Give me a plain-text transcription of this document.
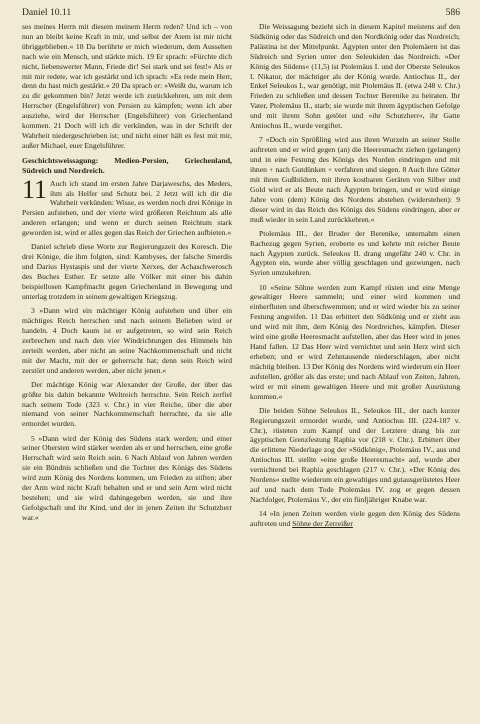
Daniel 10.11	586

ses meines Herrn mit diesem meinem Herrn reden? Und ich – von nun an bleibt keine Kraft in mir, und selbst der Atem ist mir nicht übriggeblieben.« 18 Da berührte er mich wiederum, dem Aussehen nach wie ein Mensch, und stärkte mich. 19 Er sprach: »Fürchte dich nicht, liebenswerter Mann, Friede dir! Sei stark und sei fest!« Als er mit mir redete, war ich gestärkt und ich sprach: »Es rede mein Herr, denn du hast mich gestärkt.« 20 Da sprach er: »Weißt du, warum ich zu dir gekommen bin? Jetzt werde ich zurückkehren, um mit dem Herrscher (Engelsführer) von Persien zu kämpfen; wenn ich aber ausziehe, wird der Herrscher (Engelsführer) von Griechenland kommen. 21 Doch will ich dir verkünden, was in der Schrift der Wahrheit niedergeschrieben ist; und nicht einer hält es fest mit mir, außer Michael, euer Engelsführer.

Geschichtsweissagung: Medien-Persien, Griechenland, Südreich und Nordreich.

11 Auch ich stand im ersten Jahre Darjaweschs, des Meders, ihm als Helfer und Schutz bei. 2 Jetzt will ich dir die Wahrheit verkünden: Wisse, es werden noch drei Könige in Persien aufstehen, und der vierte wird größeren Reichtum als alle anderen erlangen; und wenn er durch seinen Reichtum stark geworden ist, wird er alles gegen das Reich der Griechen aufbieten.«

Daniel schrieb diese Worte zur Regierungszeit des Koresch. Die drei Könige, die ihm folgten, sind: Kambyses, der falsche Smerdis und Darius Hystaspis und der vierte Xerxes, der Achaschwerosch des Buches Esther. Er setzte alle Völker mit einer bis dahin beispiellosen Kampfmacht gegen Griechenland in Bewegung und unterlag trotzdem in seinem gewaltigen Kriegszug.

3 »Dann wird ein mächtiger König aufstehen und über ein mächtiges Reich herrschen und nach seinem Belieben wird er handeln. 4 Doch kaum ist er aufgetreten, so wird sein Reich zerbrechen und nach den vier Windrichtungen des Himmels hin zerteilt werden, aber nicht an seine Nachkommenschaft und nicht mit der Macht, mit der er geherrscht hat; denn sein Reich wird zerstört und anderen werden, aber nicht jenen.«

Der mächtige König war Alexander der Große, der über das größte bis dahin bekannte Weltreich herrschte. Sein Reich zerfiel nach seinem Tode (323 v. Chr.) in vier Reiche, über die aber niemand von seiner Nachkommenschaft herrschte, da sie alle ermordet wurden.

5 »Dann wird der König des Südens stark werden; und einer seiner Obersten wird stärker werden als er und herrschen, eine große Herrschaft wird sein Reich sein. 6 Nach Ablauf von Jahren werden sie ein Bündnis schließen und die Tochter des Königs des Südens wird zum König des Nordens kommen, um Frieden zu stiften; aber der Arm wird nicht Kraft behalten und er und sein Arm wird nicht bestehen; und sie wird dahingegeben werden, sie und ihre Gefolgschaft und ihr Kind, und der in jenen Zeiten ihr Schutzherr war.«

Die Weissagung bezieht sich in diesem Kapitel meistens auf den Südkönig oder das Südreich und den Nordkönig oder das Nordreich; Palästina ist der Mittelpunkt. Ägypten unter den Ptolemäern ist das Südreich und Syrien unter den Seleukiden das Nordreich. »Der König des Südens« (11,5) ist Ptolemäus I. und der Oberste Seleukos I. Nikator, der mächtiger als der König wurde. Antiochus II., der Enkel Seleukos I., war genötigt, mit Ptolemäus II. (etwa 248 v. Chr.) Frieden zu schließen und dessen Tochter Berenike zu heiraten. Ihr Vater, Ptolemäus II., starb; sie wurde mit ihrem ägyptischen Gefolge und mit ihrem Sohn getötet und »ihr Schutzherr«, ihr Gatte Antiochus II., wurde vergiftet.

7 »Doch ein Sprößling wird aus ihren Wurzeln an seiner Stelle auftreten und er wird gegen (an) die Heeresmacht ziehen (gelangen) und in eine Festung des Königs des Norden eindringen und mit ihnen + nach Gutdünken + verfahren und siegen. 8 Auch ihre Götter mit ihren Gußbildern, mit ihren kostbaren Geräten von Silber und Gold wird er als Beute nach Ägypten bringen, und er wird einige Jahre vom (dem) König des Nordens abstehen (widerstehen): 9 dieser wird in das Reich des Königs des Südens eindringen, aber er muß wieder in sein Land zurückkehren.«

Ptolemäus III., der Bruder der Berenike, unternahm einen Rachezug gegen Syrien, eroberte es und kehrte mit reicher Beute nach Ägypten zurück. Seleukos II. drang ungefähr 240 v. Chr. in Ägypten ein, wurde aber völlig geschlagen und gezwungen, nach Syrien umzukehren.

10 »Seine Söhne werden zum Kampf rüsten und eine Menge gewaltiger Heere sammeln; und einer wird kommen und einherfluten und überschwemmen; und er wird wieder bis zu seiner Festung angreifen. 11 Das erbittert den Südkönig und er zieht aus und wird mit ihm, dem König des Nordreiches, kämpfen. Dieser wird eine große Heeresmacht aufstellen, aber das Heer wird in jenes Hand fallen. 12 Das Heer wird vernichtet und sein Herz wird sich erheben; und er wird Zehntausende niederschlagen, aber nicht mächtig bleiben. 13 Der König des Nordens wird wiederum ein Heer aufstellen, größer als das erste; und nach Ablauf von Zeiten, Jahren, wird er mit einem gewaltigen Heere und mit großer Ausrüstung kommen.«

Die beiden Söhne Seleukos II., Seleukos III., der nach kurzer Regierungszeit ermordet wurde, und Antiochus III. (224-187 v. Chr.), rüsteten zum Kampf und der Letztere drang bis zur ägyptischen Grenzfestung Raphia vor (218 v. Chr.). Erbittert über die erlittene Niederlage zog der »Südkönig«, Ptolemäus IV., aus und Antiochus III. stellte »eine große Heeresmacht« auf, wurde aber vernichtend bei Raphia geschlagen (217 v. Chr.). »Der König des Nordens« stellte wiederum ein gewaltiges und gutausgerüstetes Heer auf und nach dem Tode Ptolemäus IV. zog er gegen dessen Nachfolger, Ptolemäus V., der ein fünfjähriger Knabe war.

14 »In jenen Zeiten werden viele gegen den König des Südens auftreten und Söhne der Zerreißer
